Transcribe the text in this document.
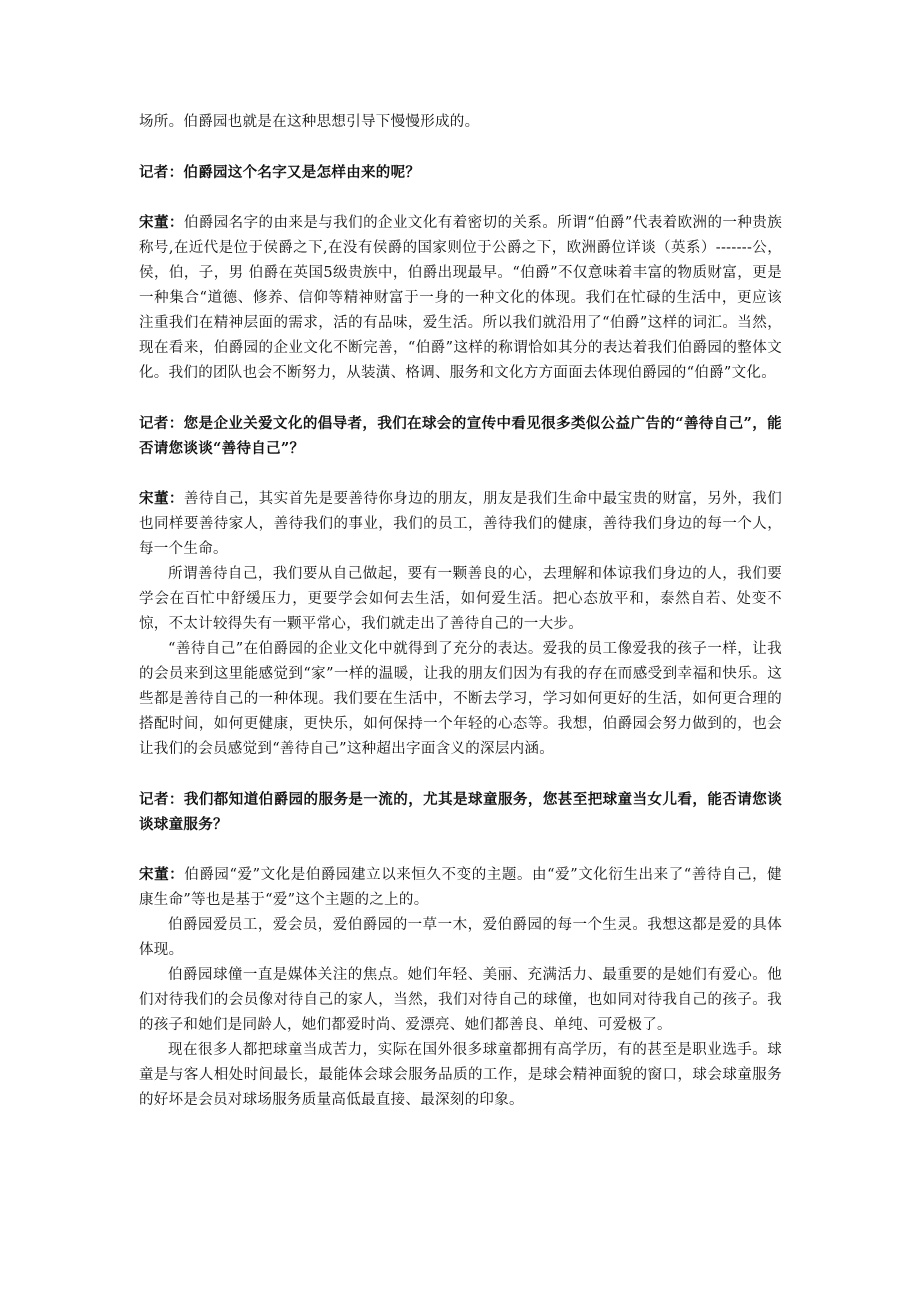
场所。伯爵园也就是在这种思想引导下慢慢形成的。

记者：伯爵园这个名字又是怎样由来的呢？

宋董：伯爵园名字的由来是与我们的企业文化有着密切的关系。所谓“伯爵”代表着欧洲的一种贵族称号,在近代是位于侯爵之下,在没有侯爵的国家则位于公爵之下，欧洲爵位详谈（英系）-------公，侯，伯，子，男 伯爵在英国5级贵族中，伯爵出现最早。“伯爵”不仅意味着丰富的物质财富，更是一种集合“道德、修养、信仰等精神财富于一身的一种文化的体现。我们在忙碌的生活中，更应该注重我们在精神层面的需求，活的有品味，爱生活。所以我们就沿用了“伯爵”这样的词汇。当然，现在看来，伯爵园的企业文化不断完善，“伯爵”这样的称谓恰如其分的表达着我们伯爵园的整体文化。我们的团队也会不断努力，从装潢、格调、服务和文化方方面面去体现伯爵园的“伯爵”文化。

记者：您是企业关爱文化的倡导者，我们在球会的宣传中看见很多类似公益广告的“善待自己”，能否请您谈谈“善待自己”？

宋董：善待自己，其实首先是要善待你身边的朋友，朋友是我们生命中最宝贵的财富，另外，我们也同样要善待家人，善待我们的事业，我们的员工，善待我们的健康，善待我们身边的每一个人，每一个生命。

所谓善待自己，我们要从自己做起，要有一颗善良的心，去理解和体谅我们身边的人，我们要学会在百忙中舒缓压力，更要学会如何去生活，如何爱生活。把心态放平和，泰然自若、处变不惊，不太计较得失有一颗平常心，我们就走出了善待自己的一大步。

“善待自己”在伯爵园的企业文化中就得到了充分的表达。爱我的员工像爱我的孩子一样，让我的会员来到这里能感觉到“家”一样的温暖，让我的朋友们因为有我的存在而感受到幸福和快乐。这些都是善待自己的一种体现。我们要在生活中，不断去学习，学习如何更好的生活，如何更合理的搭配时间，如何更健康，更快乐，如何保持一个年轻的心态等。我想，伯爵园会努力做到的，也会让我们的会员感觉到“善待自己”这种超出字面含义的深层内涵。

记者：我们都知道伯爵园的服务是一流的，尤其是球童服务，您甚至把球童当女儿看，能否请您谈谈球童服务？

宋董：伯爵园“爱”文化是伯爵园建立以来恒久不变的主题。由“爱”文化衍生出来了“善待自己，健康生命”等也是基于“爱”这个主题的之上的。

伯爵园爱员工，爱会员，爱伯爵园的一草一木，爱伯爵园的每一个生灵。我想这都是爱的具体体现。

伯爵园球僮一直是媒体关注的焦点。她们年轻、美丽、充满活力、最重要的是她们有爱心。他们对待我们的会员像对待自己的家人，当然，我们对待自己的球僮，也如同对待我自己的孩子。我的孩子和她们是同龄人，她们都爱时尚、爱漂亮、她们都善良、单纯、可爱极了。

现在很多人都把球童当成苦力，实际在国外很多球童都拥有高学历，有的甚至是职业选手。球童是与客人相处时间最长，最能体会球会服务品质的工作，是球会精神面貌的窗口，球会球童服务的好坏是会员对球场服务质量高低最直接、最深刻的印象。
